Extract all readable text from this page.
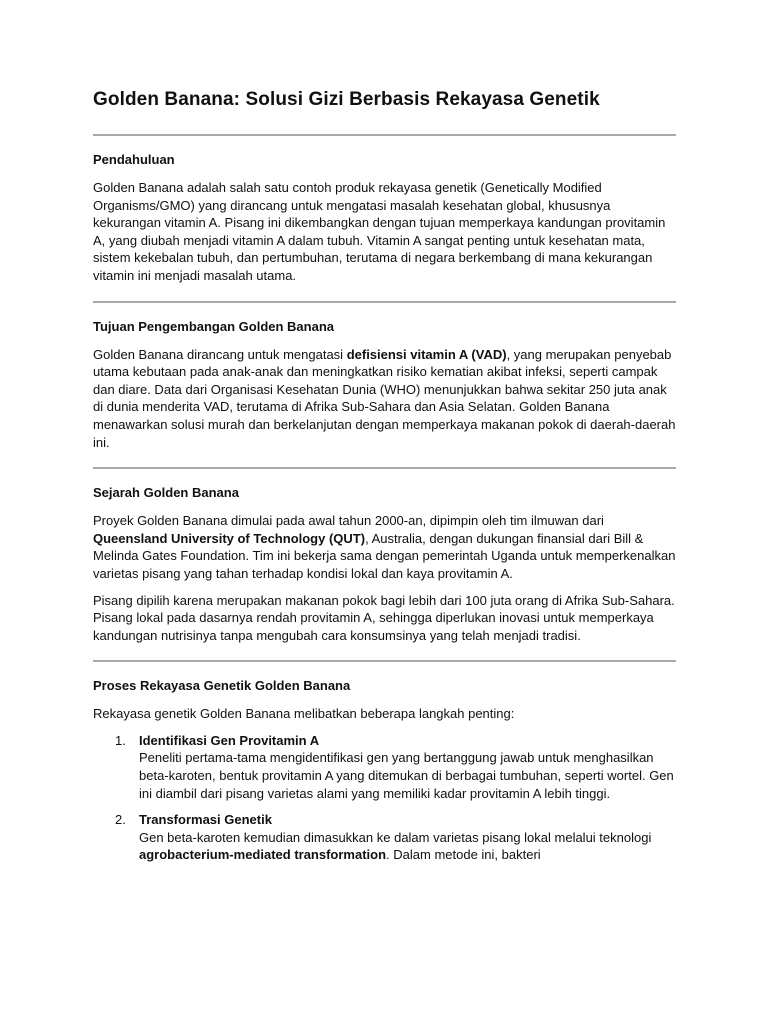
Golden Banana: Solusi Gizi Berbasis Rekayasa Genetik
Pendahuluan

Golden Banana adalah salah satu contoh produk rekayasa genetik (Genetically Modified Organisms/GMO) yang dirancang untuk mengatasi masalah kesehatan global, khususnya kekurangan vitamin A. Pisang ini dikembangkan dengan tujuan memperkaya kandungan provitamin A, yang diubah menjadi vitamin A dalam tubuh. Vitamin A sangat penting untuk kesehatan mata, sistem kekebalan tubuh, dan pertumbuhan, terutama di negara berkembang di mana kekurangan vitamin ini menjadi masalah utama.

Tujuan Pengembangan Golden Banana

Golden Banana dirancang untuk mengatasi defisiensi vitamin A (VAD), yang merupakan penyebab utama kebutaan pada anak-anak dan meningkatkan risiko kematian akibat infeksi, seperti campak dan diare. Data dari Organisasi Kesehatan Dunia (WHO) menunjukkan bahwa sekitar 250 juta anak di dunia menderita VAD, terutama di Afrika Sub-Sahara dan Asia Selatan. Golden Banana menawarkan solusi murah dan berkelanjutan dengan memperkaya makanan pokok di daerah-daerah ini.

Sejarah Golden Banana

Proyek Golden Banana dimulai pada awal tahun 2000-an, dipimpin oleh tim ilmuwan dari Queensland University of Technology (QUT), Australia, dengan dukungan finansial dari Bill & Melinda Gates Foundation. Tim ini bekerja sama dengan pemerintah Uganda untuk memperkenalkan varietas pisang yang tahan terhadap kondisi lokal dan kaya provitamin A.

Pisang dipilih karena merupakan makanan pokok bagi lebih dari 100 juta orang di Afrika Sub-Sahara. Pisang lokal pada dasarnya rendah provitamin A, sehingga diperlukan inovasi untuk memperkaya kandungan nutrisinya tanpa mengubah cara konsumsinya yang telah menjadi tradisi.

Proses Rekayasa Genetik Golden Banana

Rekayasa genetik Golden Banana melibatkan beberapa langkah penting:

1. Identifikasi Gen Provitamin A
Peneliti pertama-tama mengidentifikasi gen yang bertanggung jawab untuk menghasilkan beta-karoten, bentuk provitamin A yang ditemukan di berbagai tumbuhan, seperti wortel. Gen ini diambil dari pisang varietas alami yang memiliki kadar provitamin A lebih tinggi.
2. Transformasi Genetik
Gen beta-karoten kemudian dimasukkan ke dalam varietas pisang lokal melalui teknologi agrobacterium-mediated transformation. Dalam metode ini, bakteri
